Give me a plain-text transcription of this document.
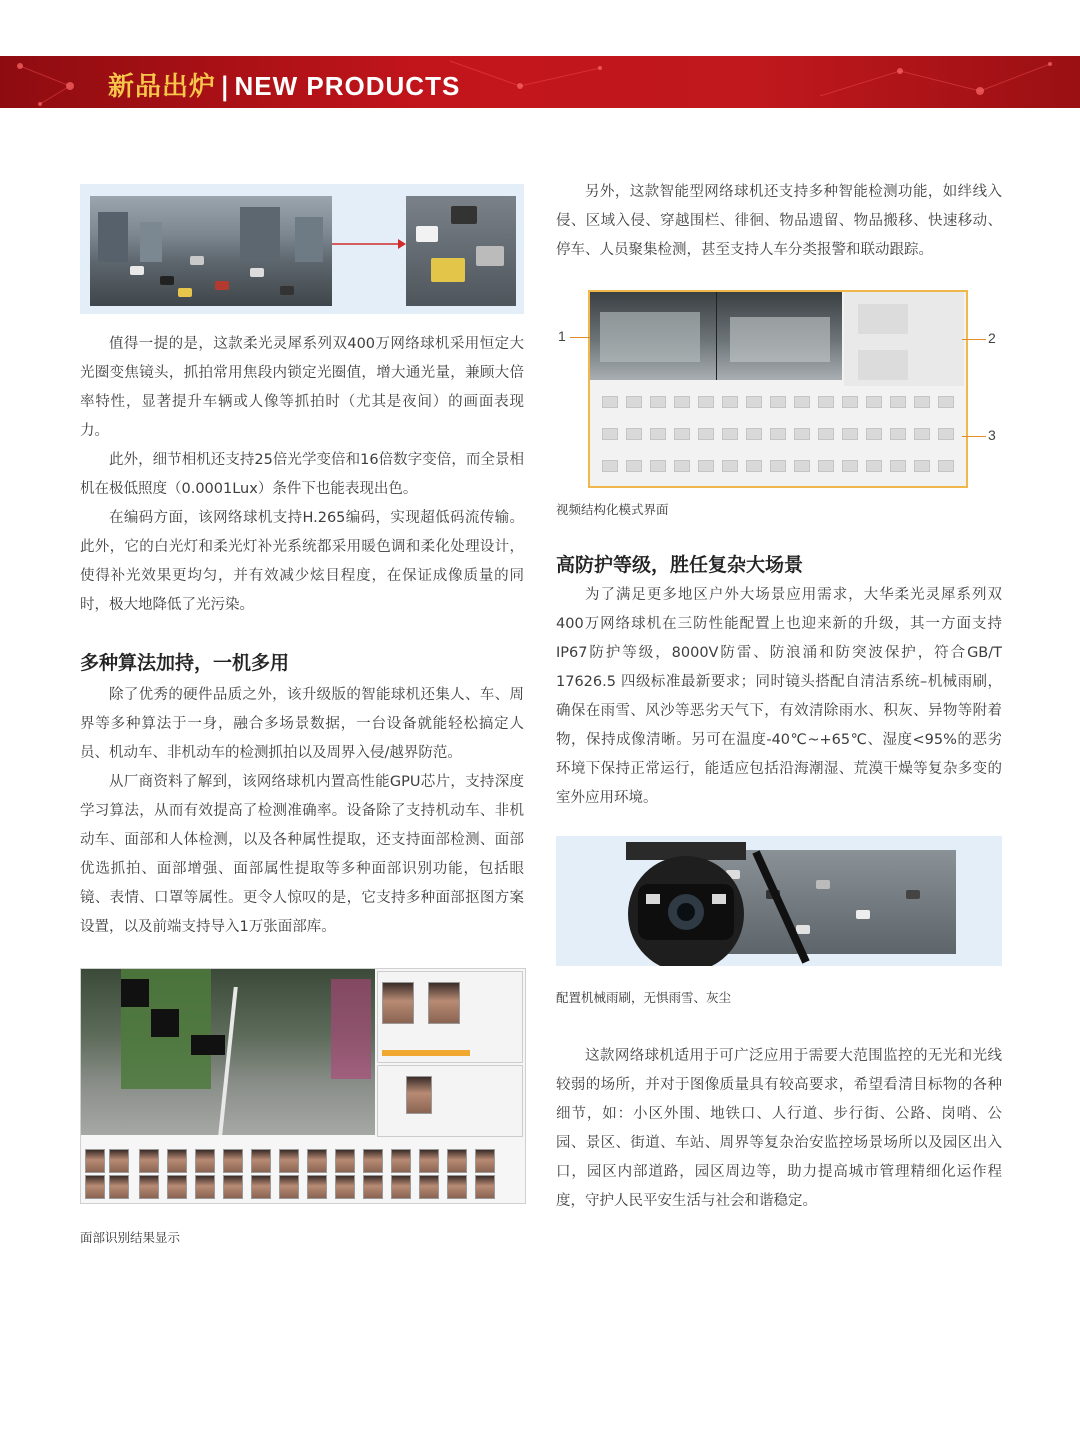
新品出炉 | NEW PRODUCTS

值得一提的是，这款柔光灵犀系列双400万网络球机采用恒定大光圈变焦镜头，抓拍常用焦段内锁定光圈值，增大通光量，兼顾大倍率特性，显著提升车辆或人像等抓拍时（尤其是夜间）的画面表现力。

此外，细节相机还支持25倍光学变倍和16倍数字变倍，而全景相机在极低照度（0.0001Lux）条件下也能表现出色。

在编码方面，该网络球机支持H.265编码，实现超低码流传输。此外，它的白光灯和柔光灯补光系统都采用暖色调和柔化处理设计，使得补光效果更均匀，并有效减少炫目程度，在保证成像质量的同时，极大地降低了光污染。

多种算法加持，一机多用

除了优秀的硬件品质之外，该升级版的智能球机还集人、车、周界等多种算法于一身，融合多场景数据，一台设备就能轻松搞定人员、机动车、非机动车的检测抓拍以及周界入侵/越界防范。

从厂商资料了解到，该网络球机内置高性能GPU芯片，支持深度学习算法，从而有效提高了检测准确率。设备除了支持机动车、非机动车、面部和人体检测，以及各种属性提取，还支持面部检测、面部优选抓拍、面部增强、面部属性提取等多种面部识别功能，包括眼镜、表情、口罩等属性。更令人惊叹的是，它支持多种面部抠图方案设置，以及前端支持导入1万张面部库。

面部识别结果显示

另外，这款智能型网络球机还支持多种智能检测功能，如绊线入侵、区域入侵、穿越围栏、徘徊、物品遗留、物品搬移、快速移动、停车、人员聚集检测，甚至支持人车分类报警和联动跟踪。

1	2
3
视频结构化模式界面
高防护等级，胜任复杂大场景

为了满足更多地区户外大场景应用需求，大华柔光灵犀系列双400万网络球机在三防性能配置上也迎来新的升级，其一方面支持IP67防护等级，8000V防雷、防浪涌和防突波保护，符合GB/T 17626.5 四级标准最新要求；同时镜头搭配自清洁系统–机械雨刷，确保在雨雪、风沙等恶劣天气下，有效清除雨水、积灰、异物等附着物，保持成像清晰。另可在温度-40℃~+65℃、湿度<95%的恶劣环境下保持正常运行，能适应包括沿海潮湿、荒漠干燥等复杂多变的室外应用环境。

配置机械雨刷，无惧雨雪、灰尘

这款网络球机适用于可广泛应用于需要大范围监控的无光和光线较弱的场所，并对于图像质量具有较高要求，希望看清目标物的各种细节，如：小区外围、地铁口、人行道、步行街、公路、岗哨、公园、景区、街道、车站、周界等复杂治安监控场景场所以及园区出入口，园区内部道路，园区周边等，助力提高城市管理精细化运作程度，守护人民平安生活与社会和谐稳定。
